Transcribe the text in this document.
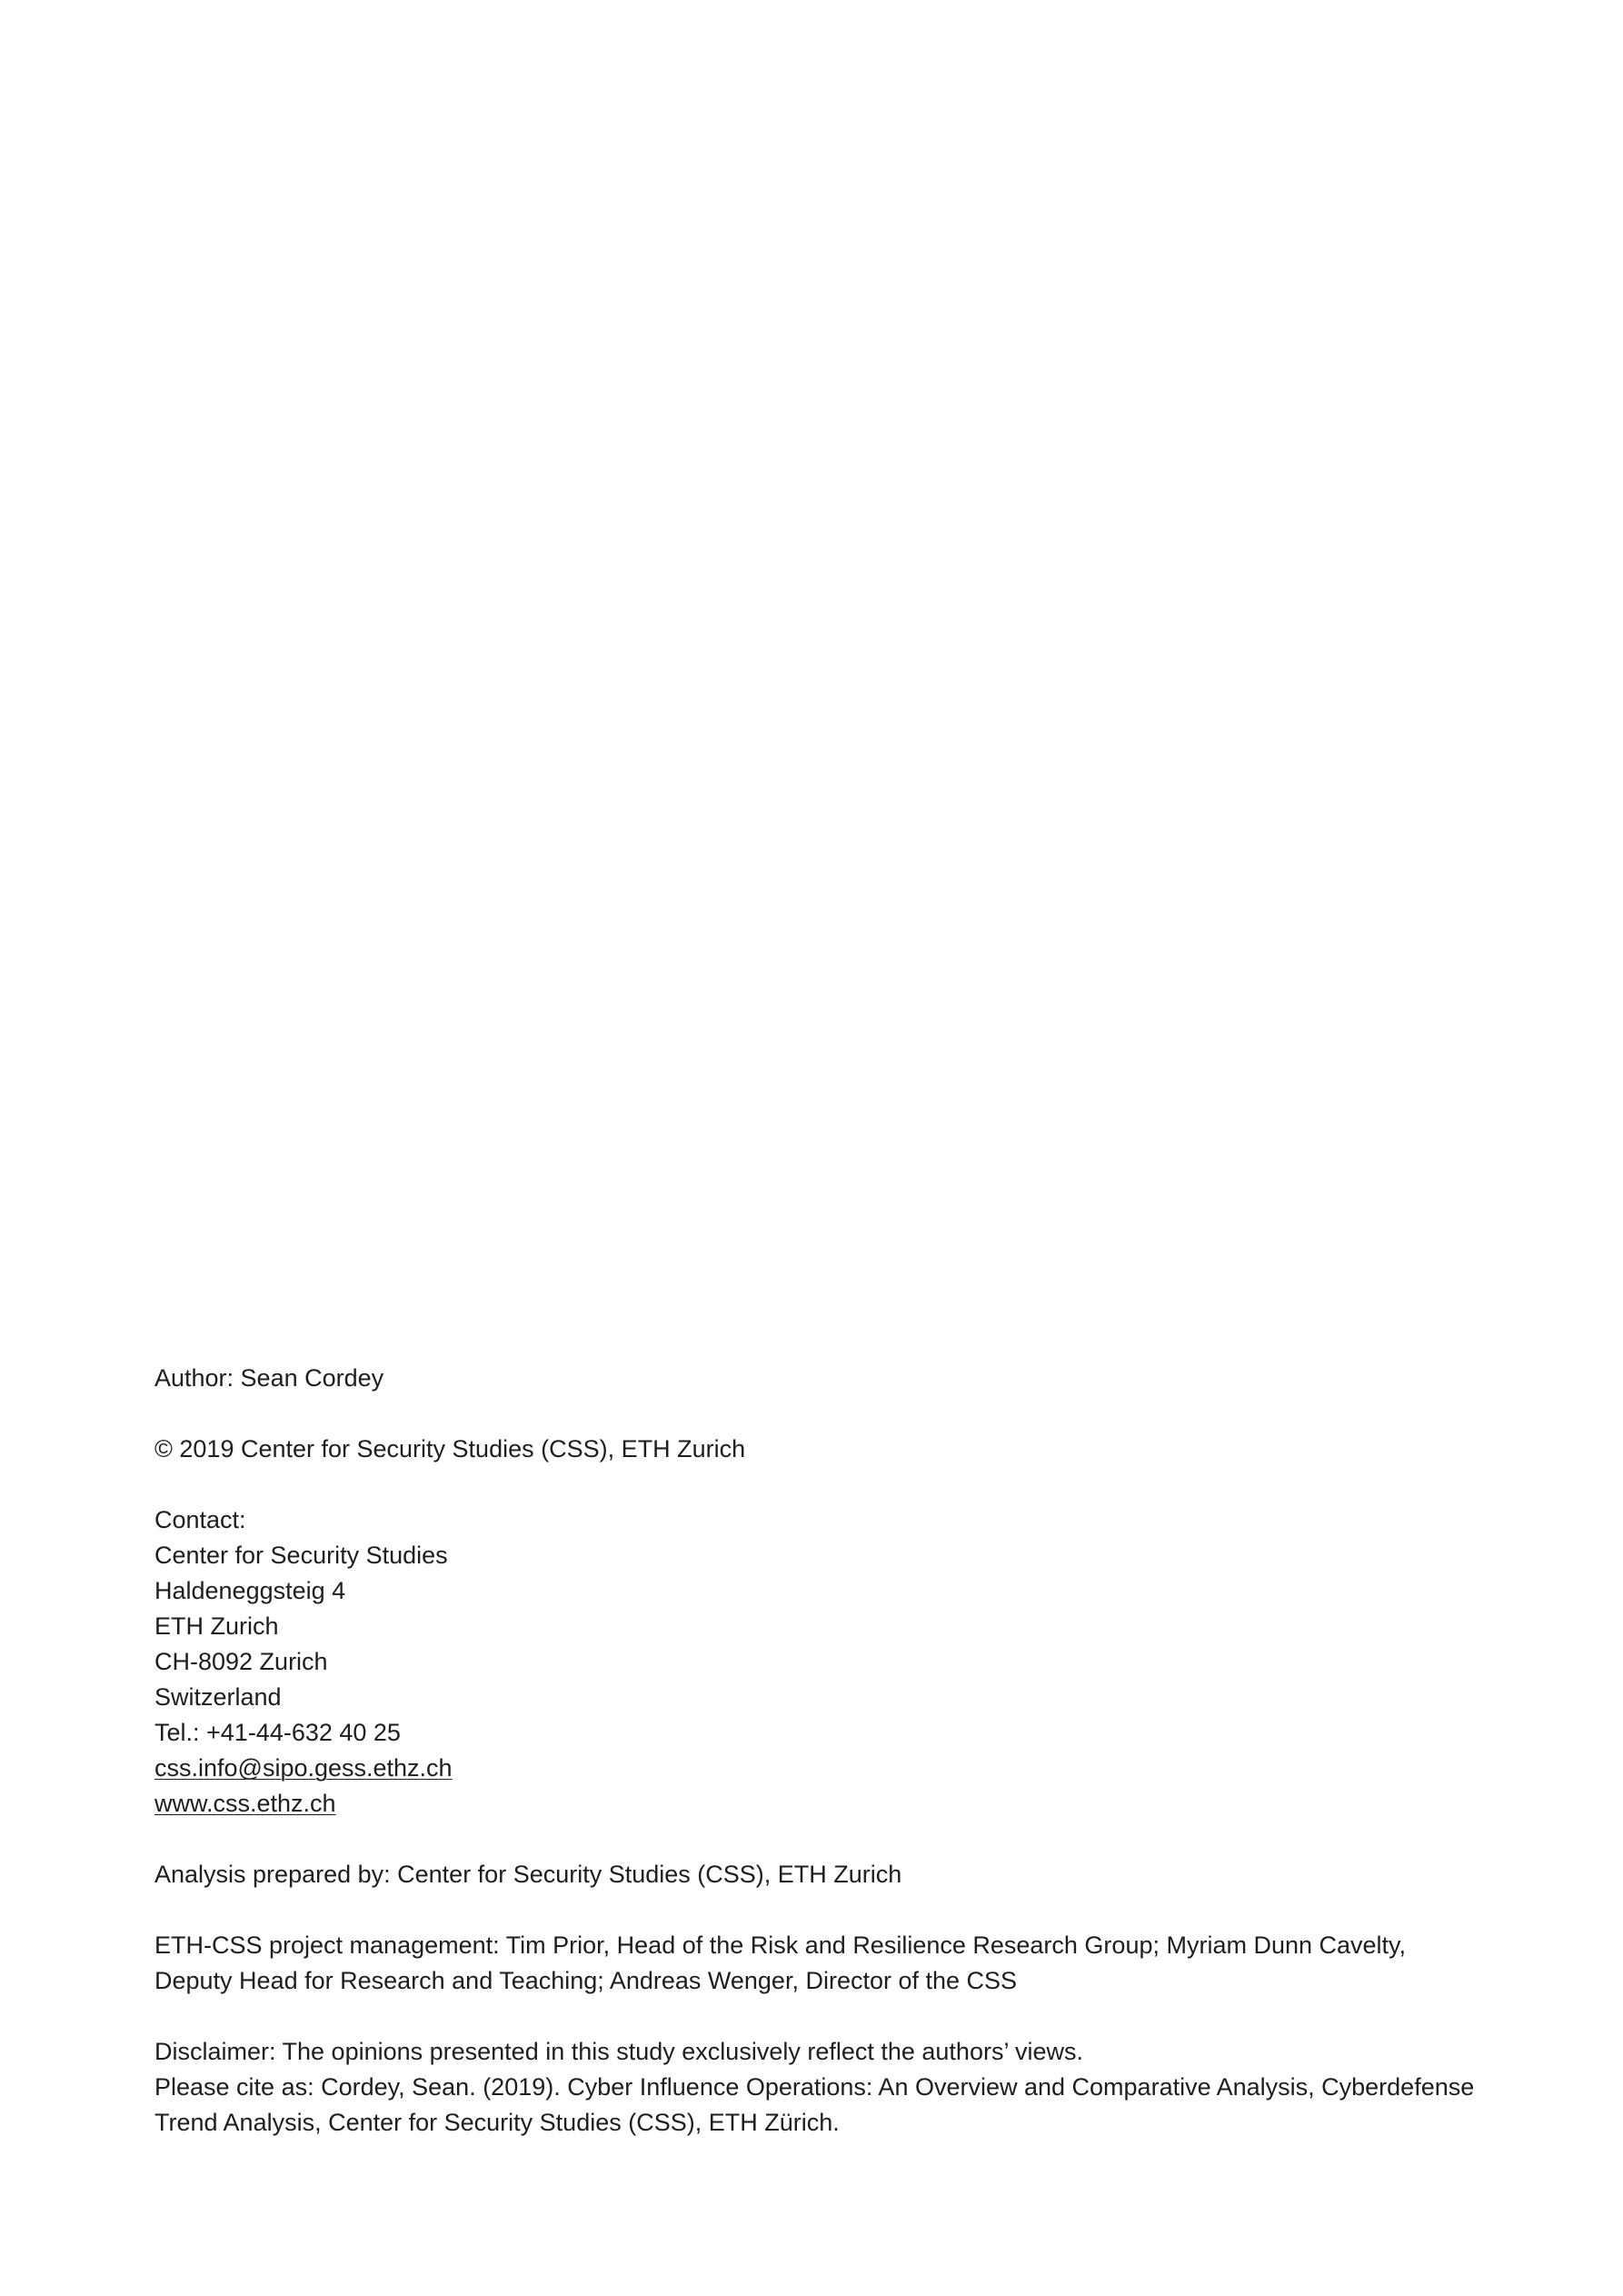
Author: Sean Cordey

© 2019 Center for Security Studies (CSS), ETH Zurich

Contact:

Center for Security Studies

Haldeneggsteig 4

ETH Zurich

CH-8092 Zurich

Switzerland

Tel.: +41-44-632 40 25

css.info@sipo.gess.ethz.ch

www.css.ethz.ch

Analysis prepared by: Center for Security Studies (CSS), ETH Zurich

ETH-CSS project management: Tim Prior, Head of the Risk and Resilience Research Group; Myriam Dunn Cavelty,

Deputy Head for Research and Teaching; Andreas Wenger, Director of the CSS

Disclaimer: The opinions presented in this study exclusively reflect the authors’ views.

Please cite as: Cordey, Sean. (2019). Cyber Influence Operations: An Overview and Comparative Analysis, Cyberdefense

Trend Analysis, Center for Security Studies (CSS), ETH Zürich.
